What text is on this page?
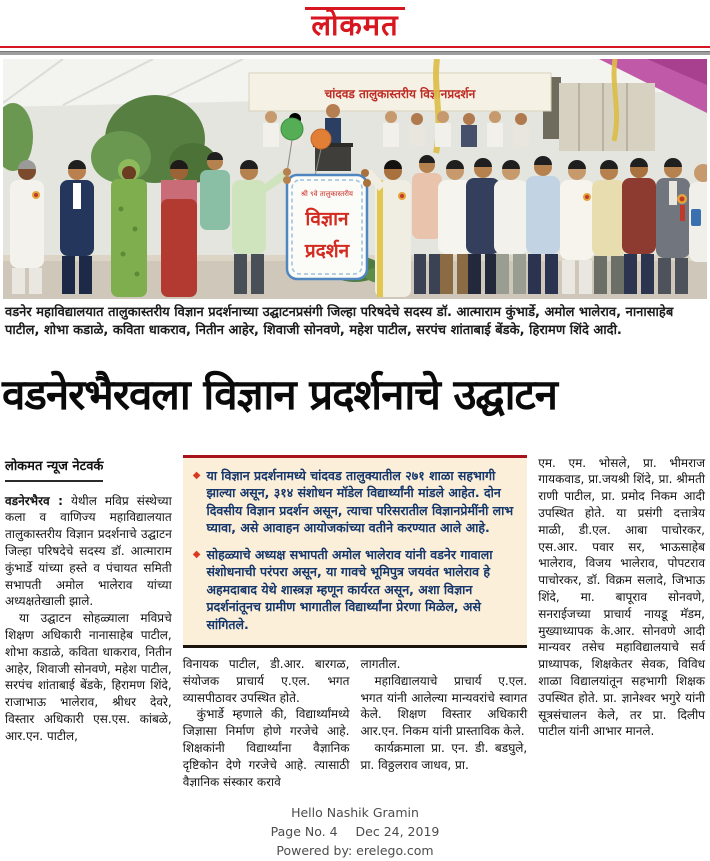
लोकमत
चांदवड तालुकास्तरीय विज्ञानप्रदर्शन
श्री ९वे तालुकास्तरीय
विज्ञान
प्रदर्शन
वडनेर महाविद्यालयात तालुकास्तरीय विज्ञान प्रदर्शनाच्या उद्घाटनप्रसंगी जिल्हा परिषदेचे सदस्य डॉ. आत्माराम कुंभार्डे, अमोल भालेराव, नानासाहेब पाटील, शोभा कडाळे, कविता धाकराव, नितीन आहेर, शिवाजी सोनवणे, महेश पाटील, सरपंच शांताबाई बेंडके, हिरामण शिंदे आदी.
वडनेरभैरवला विज्ञान प्रदर्शनाचे उद्घाटन
लोकमत न्यूज नेटवर्क

वडनेरभैरव : येथील मविप्र संस्थेच्या कला व वाणिज्य महाविद्यालयात तालुकास्तरीय विज्ञान प्रदर्शनाचे उद्घाटन जिल्हा परिषदेचे सदस्य डॉ. आत्माराम कुंभार्डे यांच्या हस्ते व पंचायत समिती सभापती अमोल भालेराव यांच्या अध्यक्षतेखाली झाले.

या उद्घाटन सोहळ्याला मविप्रचे शिक्षण अधिकारी नानासाहेब पाटील, शोभा कडाळे, कविता धाकराव, नितीन आहेर, शिवाजी सोनवणे, महेश पाटील, सरपंच शांताबाई बेंडके, हिरामण शिंदे, राजाभाऊ भालेराव, श्रीधर देवरे, विस्तार अधिकारी एस.एस. कांबळे, आर.एन. पाटील,

◆ या विज्ञान प्रदर्शनामध्ये चांदवड तालुक्यातील २७१ शाळा सहभागी झाल्या असून, ३१४ संशोधन मॉडेल विद्यार्थ्यांनी मांडले आहेत. दोन दिवसीय विज्ञान प्रदर्शन असून, त्याचा परिसरातील विज्ञानप्रेमींनी लाभ घ्यावा, असे आवाहन आयोजकांच्या वतीने करण्यात आले आहे.
◆ सोहळ्याचे अध्यक्ष सभापती अमोल भालेराव यांनी वडनेर गावाला संशोधनाची परंपरा असून, या गावचे भूमिपुत्र जयवंत भालेराव हे अहमदाबाद येथे शास्त्रज्ञ म्हणून कार्यरत असून, अशा विज्ञान प्रदर्शनांतूनच ग्रामीण भागातील विद्यार्थ्यांना प्रेरणा मिळेल, असे सांगितले.

विनायक पाटील, डी.आर. बारगळ, संयोजक प्राचार्य ए.एल. भगत व्यासपीठावर उपस्थित होते.

कुंभार्डे म्हणाले की, विद्यार्थ्यांमध्ये जिज्ञासा निर्माण होणे गरजेचे आहे. शिक्षकांनी विद्यार्थ्यांना वैज्ञानिक दृष्टिकोन देणे गरजेचे आहे. त्यासाठी वैज्ञानिक संस्कार करावे

लागतील.

महाविद्यालयाचे प्राचार्य ए.एल. भगत यांनी आलेल्या मान्यवरांचे स्वागत केले. शिक्षण विस्तार अधिकारी आर.एन. निकम यांनी प्रास्ताविक केले.

कार्यक्रमाला प्रा. एन. डी. बडघुले, प्रा. विठ्ठलराव जाधव, प्रा.

एम. एम. भोसले, प्रा. भीमराज गायकवाड, प्रा.जयश्री शिंदे, प्रा. श्रीमती राणी पाटील, प्रा. प्रमोद निकम आदी उपस्थित होते. या प्रसंगी दत्तात्रेय माळी, डी.एल. आबा पाचोरकर, एस.आर. पवार सर, भाऊसाहेब भालेराव, विजय भालेराव, पोपटराव पाचोरकर, डॉ. विक्रम सलादे, जिभाऊ शिंदे, मा. बापूराव सोनवणे, सनराईजच्या प्राचार्य नायडू मॅडम, मुख्याध्यापक के.आर. सोनवणे आदी मान्यवर तसेच महाविद्यालयाचे सर्व प्राध्यापक, शिक्षकेतर सेवक, विविध शाळा विद्यालयांतून सहभागी शिक्षक उपस्थित होते. प्रा. ज्ञानेश्वर भगुरे यांनी सूत्रसंचालन केले, तर प्रा. दिलीप पाटील यांनी आभार मानले.

Hello Nashik Gramin
Page No. 4 Dec 24, 2019
Powered by: erelego.com
